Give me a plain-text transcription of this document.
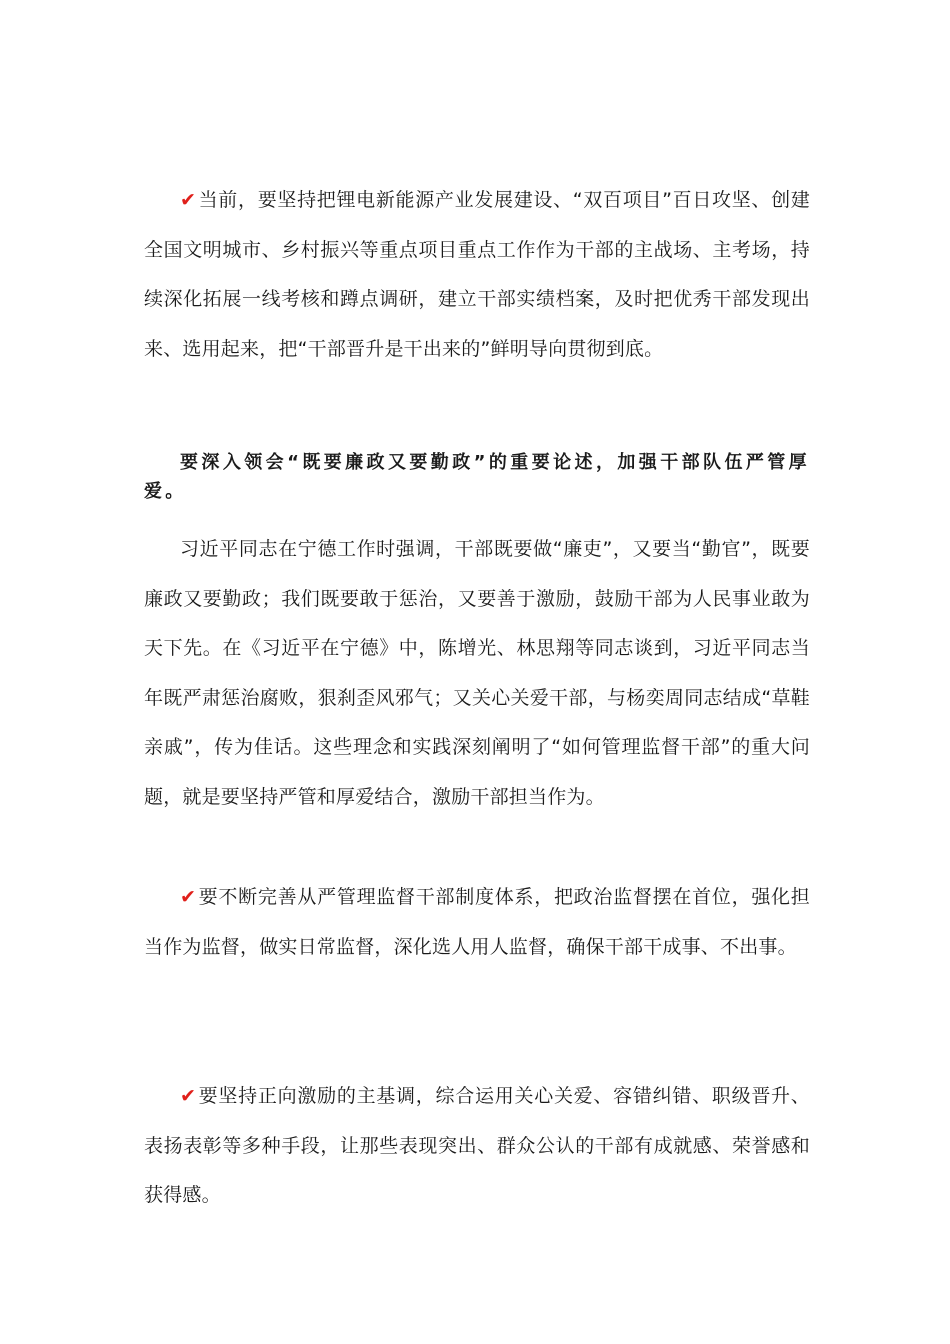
✔ 当前，要坚持把锂电新能源产业发展建设、“双百项目”百日攻坚、创建全国文明城市、乡村振兴等重点项目重点工作作为干部的主战场、主考场，持续深化拓展一线考核和蹲点调研，建立干部实绩档案，及时把优秀干部发现出来、选用起来，把“干部晋升是干出来的”鲜明导向贯彻到底。

要深入领会“既要廉政又要勤政”的重要论述，加强干部队伍严管厚爱。

习近平同志在宁德工作时强调，干部既要做“廉吏”，又要当“勤官”，既要廉政又要勤政；我们既要敢于惩治，又要善于激励，鼓励干部为人民事业敢为天下先。在《习近平在宁德》中，陈增光、林思翔等同志谈到，习近平同志当年既严肃惩治腐败，狠刹歪风邪气；又关心关爱干部，与杨奕周同志结成“草鞋亲戚”，传为佳话。这些理念和实践深刻阐明了“如何管理监督干部”的重大问题，就是要坚持严管和厚爱结合，激励干部担当作为。

✔ 要不断完善从严管理监督干部制度体系，把政治监督摆在首位，强化担当作为监督，做实日常监督，深化选人用人监督，确保干部干成事、不出事。

✔ 要坚持正向激励的主基调，综合运用关心关爱、容错纠错、职级晋升、表扬表彰等多种手段，让那些表现突出、群众公认的干部有成就感、荣誉感和获得感。
